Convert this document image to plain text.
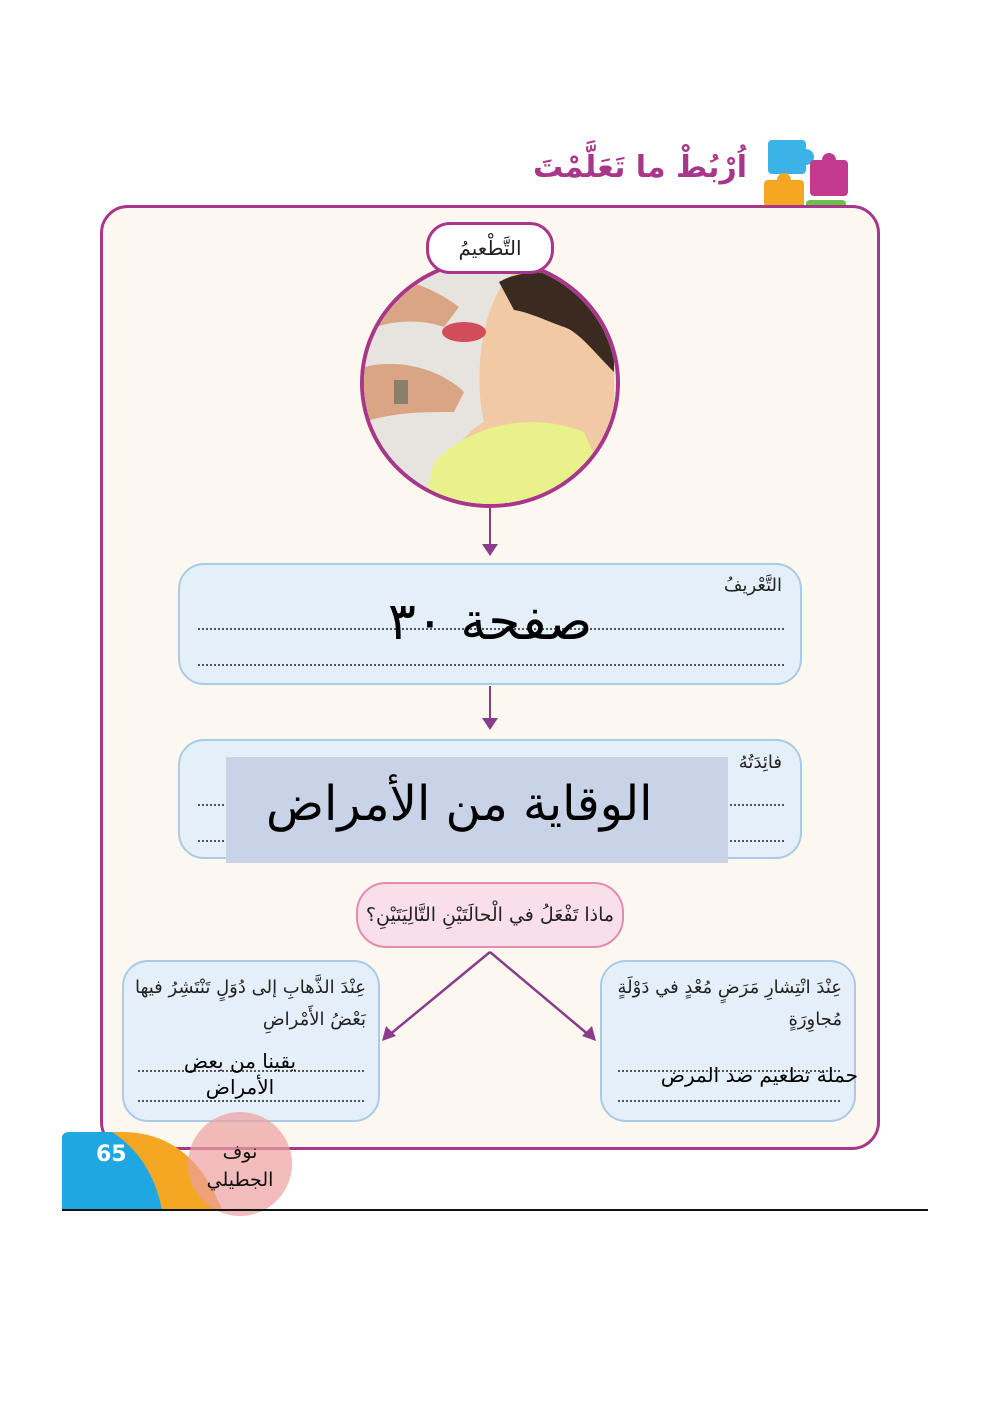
اُرْبُطْ ما تَعَلَّمْتَ
التَّطْعيمُ
التَّعْريفُ
صفحة ٣٠
فائِدَتُهُ
الوقاية من الأمراض
ماذا تَفْعَلُ في الْحالَتَيْنِ التَّالِيَتَيْنِ؟
عِنْدَ انْتِشارِ مَرَضٍ مُعْدٍ في دَوْلَةٍ مُجاوِرَةٍ
حملة تطعيم ضد المرض
عِنْدَ الذَّهابِ إلى دُوَلٍ تَنْتَشِرُ فيها بَعْضُ الأَمْراضِ
يقينا من بعض الأمراض
65	نوف الجطيلي
